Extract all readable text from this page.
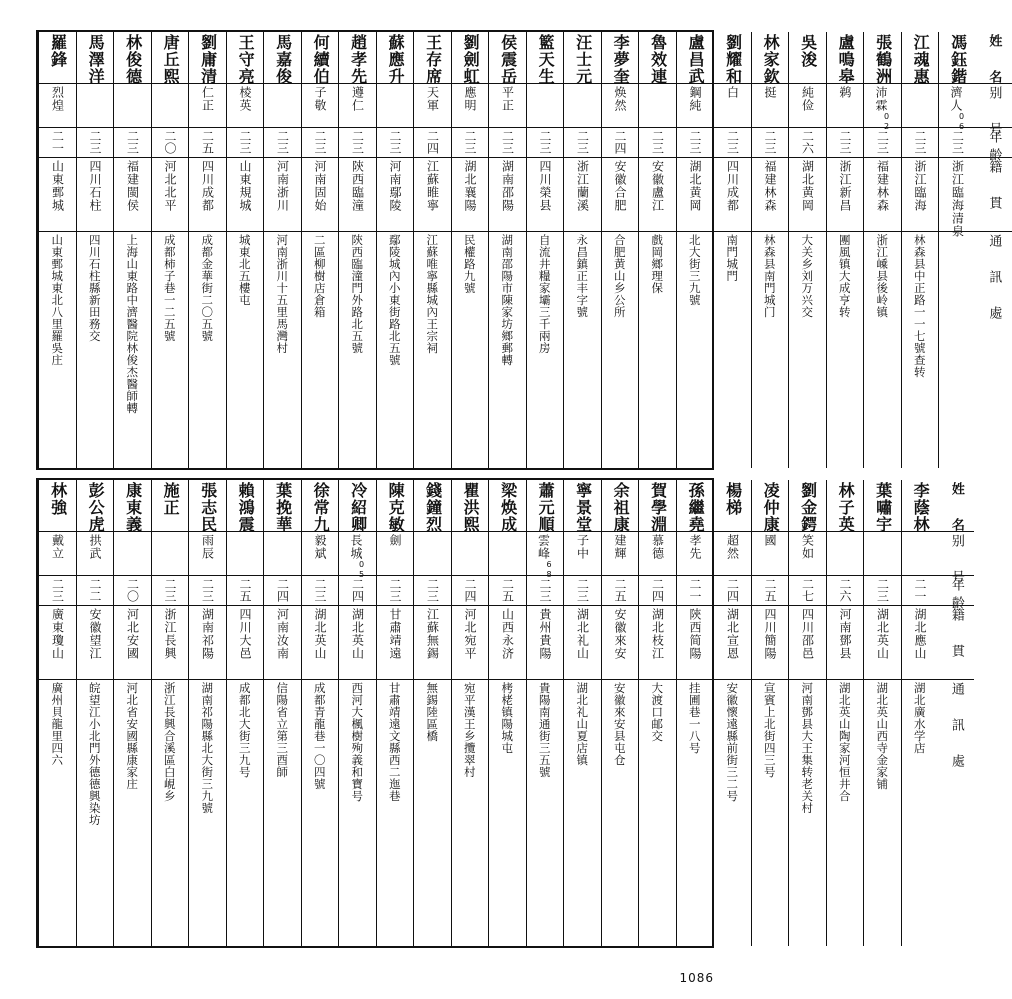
羅鋒
烈煌
二一
山東鄄城
山東鄄城東北八里羅吳庄
馬澤洋
二三
四川石柱
四川石柱縣新田務交
林俊德
二三
福建閩侯
上海山東路中濟醫院林俊杰醫師轉
唐丘熙
二〇
河北北平
成都柿子巷一二五號
劉庸清
仁正
二五
四川成都
成都金華街二〇五號
王守亮
棱英
二三
山東規城
城東北五樓屯
馬嘉俊
二三
河南浙川
河南浙川十五里馬灣村
何續伯
子敬
二三
河南固始
二區柳樹店倉箱
趙孝先
遵仁
二三
陝西臨潼
陝西臨潼門外路北五號
蘇應升
二三
河南鄢陵
鄢陵城內小東街路北五號
王存席
天軍
二四
江蘇睢寧
江蘇唯寧縣城內王宗祠
劉劍虹
應明
二三
湖北襄陽
民權路九號
侯震岳
平正
二三
湖南邵陽
湖南邵陽市陳家坊鄉郵轉
籃天生
二三
四川榮县
自流井糧家壩三千兩房
汪士元
二三
浙江蘭溪
永昌鎮正丰字號
李夢奎
焕然
二四
安徽合肥
合肥黄山乡公所
魯效連
二三
安徽盧江
戲岡鄉理保
盧昌武
鋼純
二三
湖北黄岡
北大街三九號
劉耀和
白
二三
四川成都
南門城門
林家欽
挺
二三
福建林森
林森县南門城门
吳浚
純俭
二六
湖北黄岡
大关乡刘万兴交
盧鳴皋
鹈
二三
浙江新昌
團風镇大成亨转
張鶴洲
沛霖$^{02}$
二三
福建林森
浙江嵊县後岭镇
江魂惠
二三
浙江臨海
林森县中正路一一七號查转
馮鈺鍇
濟人$^{06}$
二三
浙江臨海清泉
姓　名
别　号
年齡
籍　貫
通　訊　處
林強
戴立
二三
廣東瓊山
廣州貝龍里四六
彭公虎
拱武
二二
安徽望江
皖望江小北門外德德興染坊
康東義
二〇
河北安國
河北省安國縣康家庄
施正
二三
浙江長興
浙江長興合溪區白峴乡
張志民
雨辰
二三
湖南祁陽
湖南祁陽縣北大街三九號
賴鴻震
二五
四川大邑
成都北大街三九号
葉挽華
二四
河南汝南
信陽省立第三酉師
徐常九
毅斌
二三
湖北英山
成都青龍巷一〇四號
冷紹卿
長城$^{05}$
二四
湖北英山
西河大楓樹殉義和寶号
陳克敏
劍
二三
甘肅靖遠
甘肅靖遠文縣西二迤巷
錢鐘烈
二三
江蘇無錫
無錫陸區橋
瞿洪熙
二四
河北宛平
宛平漢王乡攬翠村
梁焕成
二五
山西永济
栲栳镇陽城屯
蕭元順
雲峰$^{68}$
二三
貴州貴陽
貴陽南通街三五號
寧景堂
子中
二三
湖北礼山
湖北礼山夏店镇
余祖康
建輝
二五
安徽來安
安徽來安县屯仓
賀學淵
慕德
二四
湖北枝江
大渡口邮交
孫繼堯
孝先
二一
陝西简陽
挂圃巷一八号
楊梯
超然
二四
湖北宣恩
安徽懷遠縣前街三二号
凌仲康
國
二五
四川簡陽
宣賓上北街四三号
劉金鍔
笑如
二七
四川邵邑
河南鄧县大王集转老关村
林子英
二六
河南鄧县
湖北英山陶家河恒井合
葉嘯宇
二三
湖北英山
湖北英山西寺金家铺
李蔭林
二一
湖北應山
湖北廣水学店
姓　名
别　号
年齡
籍　貫
通　訊　處
1086
